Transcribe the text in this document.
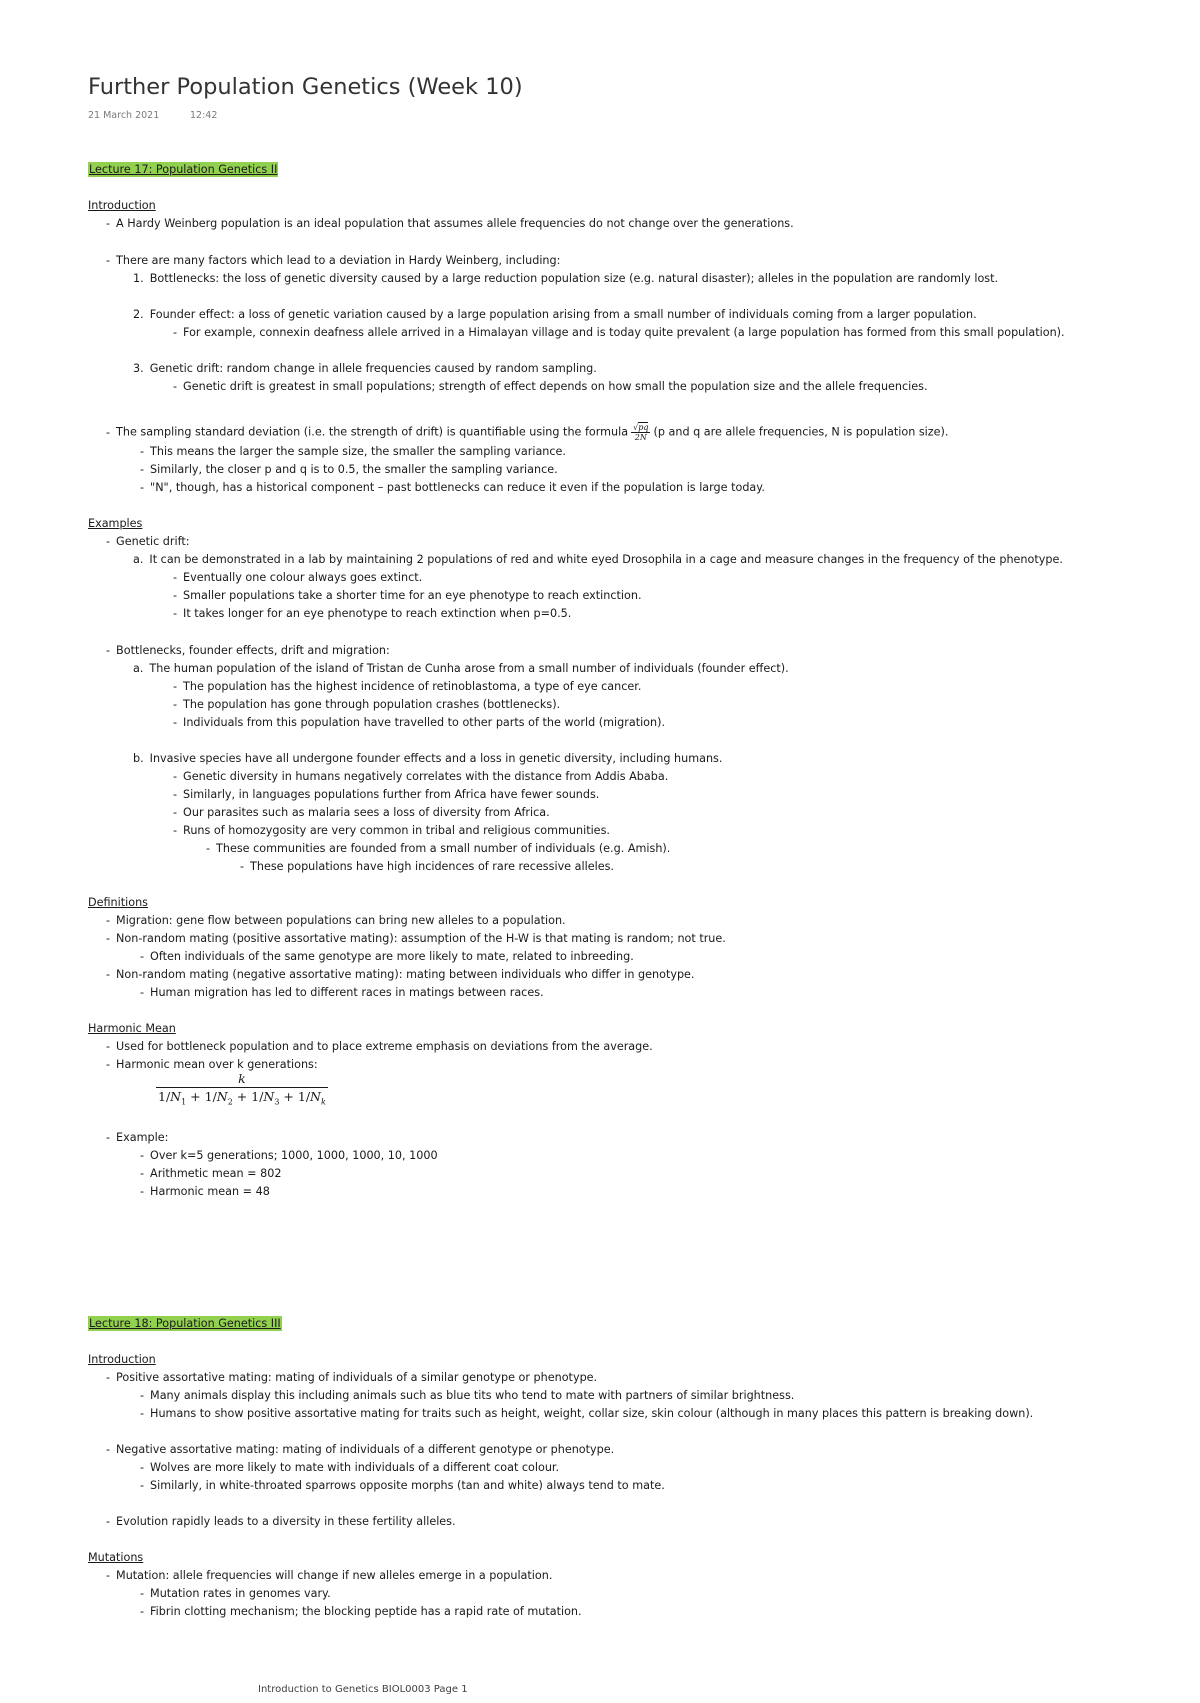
Further Population Genetics (Week 10)
21 March 2021	12:42
Lecture 17: Population Genetics II
Introduction
- A Hardy Weinberg population is an ideal population that assumes allele frequencies do not change over the generations.
- There are many factors which lead to a deviation in Hardy Weinberg, including:
1. Bottlenecks: the loss of genetic diversity caused by a large reduction population size (e.g. natural disaster); alleles in the population are randomly lost.
2. Founder effect: a loss of genetic variation caused by a large population arising from a small number of individuals coming from a larger population.
- For example, connexin deafness allele arrived in a Himalayan village and is today quite prevalent (a large population has formed from this small population).
3. Genetic drift: random change in allele frequencies caused by random sampling.
- Genetic drift is greatest in small populations; strength of effect depends on how small the population size and the allele frequencies.
- The sampling standard deviation (i.e. the strength of drift) is quantifiable using the formula $\frac{√pq}{2N} (p$ and q are allele frequencies, N is population size).
- This means the larger the sample size, the smaller the sampling variance.
- Similarly, the closer p and q is to 0.5, the smaller the sampling variance.
- "N", though, has a historical component – past bottlenecks can reduce it even if the population is large today.
Examples
- Genetic drift:
a. It can be demonstrated in a lab by maintaining 2 populations of red and white eyed Drosophila in a cage and measure changes in the frequency of the phenotype.
- Eventually one colour always goes extinct.
- Smaller populations take a shorter time for an eye phenotype to reach extinction.
- It takes longer for an eye phenotype to reach extinction when p=0.5.
- Bottlenecks, founder effects, drift and migration:
a. The human population of the island of Tristan de Cunha arose from a small number of individuals (founder effect).
- The population has the highest incidence of retinoblastoma, a type of eye cancer.
- The population has gone through population crashes (bottlenecks).
- Individuals from this population have travelled to other parts of the world (migration).
b. Invasive species have all undergone founder effects and a loss in genetic diversity, including humans.
- Genetic diversity in humans negatively correlates with the distance from Addis Ababa.
- Similarly, in languages populations further from Africa have fewer sounds.
- Our parasites such as malaria sees a loss of diversity from Africa.
- Runs of homozygosity are very common in tribal and religious communities.
- These communities are founded from a small number of individuals (e.g. Amish).
- These populations have high incidences of rare recessive alleles.
Definitions
- Migration: gene flow between populations can bring new alleles to a population.
- Non-random mating (positive assortative mating): assumption of the H-W is that mating is random; not true.
- Often individuals of the same genotype are more likely to mate, related to inbreeding.
- Non-random mating (negative assortative mating): mating between individuals who differ in genotype.
- Human migration has led to different races in matings between races.
Harmonic Mean
- Used for bottleneck population and to place extreme emphasis on deviations from the average.
- Harmonic mean over k generations:
$\frac{k}{1/N_1 + 1/N_2 + 1/N_3 + 1/N_k}$
- Example:
- Over k=5 generations; 1000, 1000, 1000, 10, 1000
- Arithmetic mean = 802
- Harmonic mean = 48
Lecture 18: Population Genetics III
Introduction
- Positive assortative mating: mating of individuals of a similar genotype or phenotype.
- Many animals display this including animals such as blue tits who tend to mate with partners of similar brightness.
- Humans to show positive assortative mating for traits such as height, weight, collar size, skin colour (although in many places this pattern is breaking down).
- Negative assortative mating: mating of individuals of a different genotype or phenotype.
- Wolves are more likely to mate with individuals of a different coat colour.
- Similarly, in white-throated sparrows opposite morphs (tan and white) always tend to mate.
- Evolution rapidly leads to a diversity in these fertility alleles.
Mutations
- Mutation: allele frequencies will change if new alleles emerge in a population.
- Mutation rates in genomes vary.
- Fibrin clotting mechanism; the blocking peptide has a rapid rate of mutation.
Introduction to Genetics BIOL0003 Page 1
